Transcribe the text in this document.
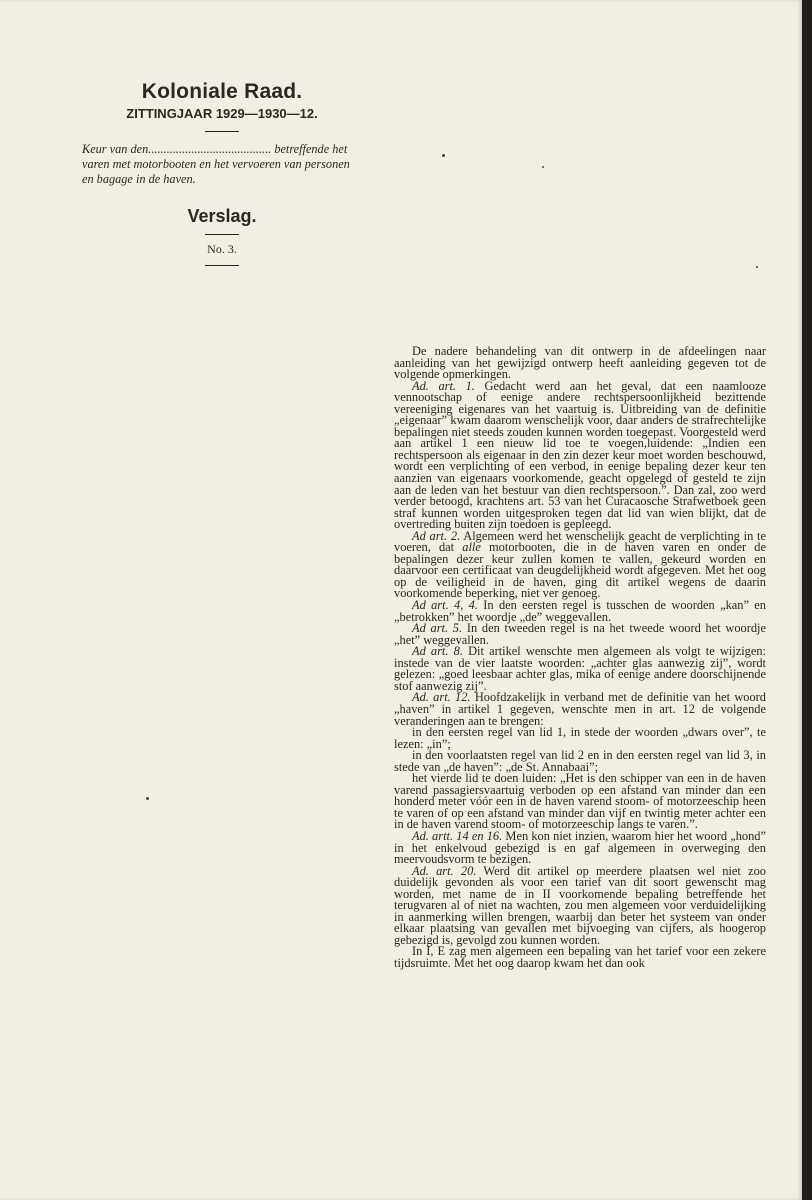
Koloniale Raad.

ZITTINGJAAR 1929—1930—12.

Keur van den........................................ betreffende het varen met motorbooten en het vervoeren van personen en bagage in de haven.

Verslag.

No. 3.

De nadere behandeling van dit ontwerp in de afdeelingen naar aanleiding van het gewijzigd ontwerp heeft aanleiding gegeven tot de volgende opmerkingen.

Ad. art. 1. Gedacht werd aan het geval, dat een naamlooze vennootschap of eenige andere rechtspersoonlijkheid bezittende vereeniging eigenares van het vaartuig is. Uitbreiding van de definitie „eigenaar” kwam daarom wenschelijk voor, daar anders de strafrechtelijke bepalingen niet steeds zouden kunnen worden toegepast. Voorgesteld werd aan artikel 1 een nieuw lid toe te voegen,luidende: „Indien een rechtspersoon als eigenaar in den zin dezer keur moet worden beschouwd, wordt een verplichting of een verbod, in eenige bepaling dezer keur ten aanzien van eigenaars voorkomende, geacht opgelegd of gesteld te zijn aan de leden van het bestuur van dien rechtspersoon.”. Dan zal, zoo werd verder betoogd, krachtens art. 53 van het Curacaosche Strafwetboek geen straf kunnen worden uitgesproken tegen dat lid van wien blijkt, dat de overtreding buiten zijn toedoen is gepleegd.

Ad art. 2. Algemeen werd het wenschelijk geacht de verplichting in te voeren, dat alle motorbooten, die in de haven varen en onder de bepalingen dezer keur zullen komen te vallen, gekeurd worden en daarvoor een certificaat van deugdelijkheid wordt afgegeven. Met het oog op de veiligheid in de haven, ging dit artikel wegens de daarin voorkomende beperking, niet ver genoeg.

Ad art. 4, 4. In den eersten regel is tusschen de woorden „kan” en „betrokken” het woordje „de” weggevallen.

Ad art. 5. In den tweeden regel is na het tweede woord het woordje „het” weggevallen.

Ad art. 8. Dit artikel wenschte men algemeen als volgt te wijzigen: instede van de vier laatste woorden: „achter glas aanwezig zij”, wordt gelezen: „goed leesbaar achter glas, mika of eenige andere doorschijnende stof aanwezig zij”.

Ad. art. 12. Hoofdzakelijk in verband met de definitie van het woord „haven” in artikel 1 gegeven, wenschte men in art. 12 de volgende veranderingen aan te brengen:

in den eersten regel van lid 1, in stede der woorden „dwars over”, te lezen: „in”;

in den voorlaatsten regel van lid 2 en in den eersten regel van lid 3, in stede van „de haven”: „de St. Annabaai”;

het vierde lid te doen luiden: „Het is den schipper van een in de haven varend passagiersvaartuig verboden op een afstand van minder dan een honderd meter vóór een in de haven varend stoom- of motorzeeschip heen te varen of op een afstand van minder dan vijf en twintig meter achter een in de haven varend stoom- of motorzeeschip langs te varen.”.

Ad. artt. 14 en 16. Men kon niet inzien, waarom hier het woord „hond” in het enkelvoud gebezigd is en gaf algemeen in overweging den meervoudsvorm te bezigen.

Ad. art. 20. Werd dit artikel op meerdere plaatsen wel niet zoo duidelijk gevonden als voor een tarief van dit soort gewenscht mag worden, met name de in II voorkomende bepaling betreffende het terugvaren al of niet na wachten, zou men algemeen voor verduidelijking in aanmerking willen brengen, waarbij dan beter het systeem van onder elkaar plaatsing van gevallen met bijvoeging van cijfers, als hoogerop gebezigd is, gevolgd zou kunnen worden.

In I, E zag men algemeen een bepaling van het tarief voor een zekere tijdsruimte. Met het oog daarop kwam het dan ook
